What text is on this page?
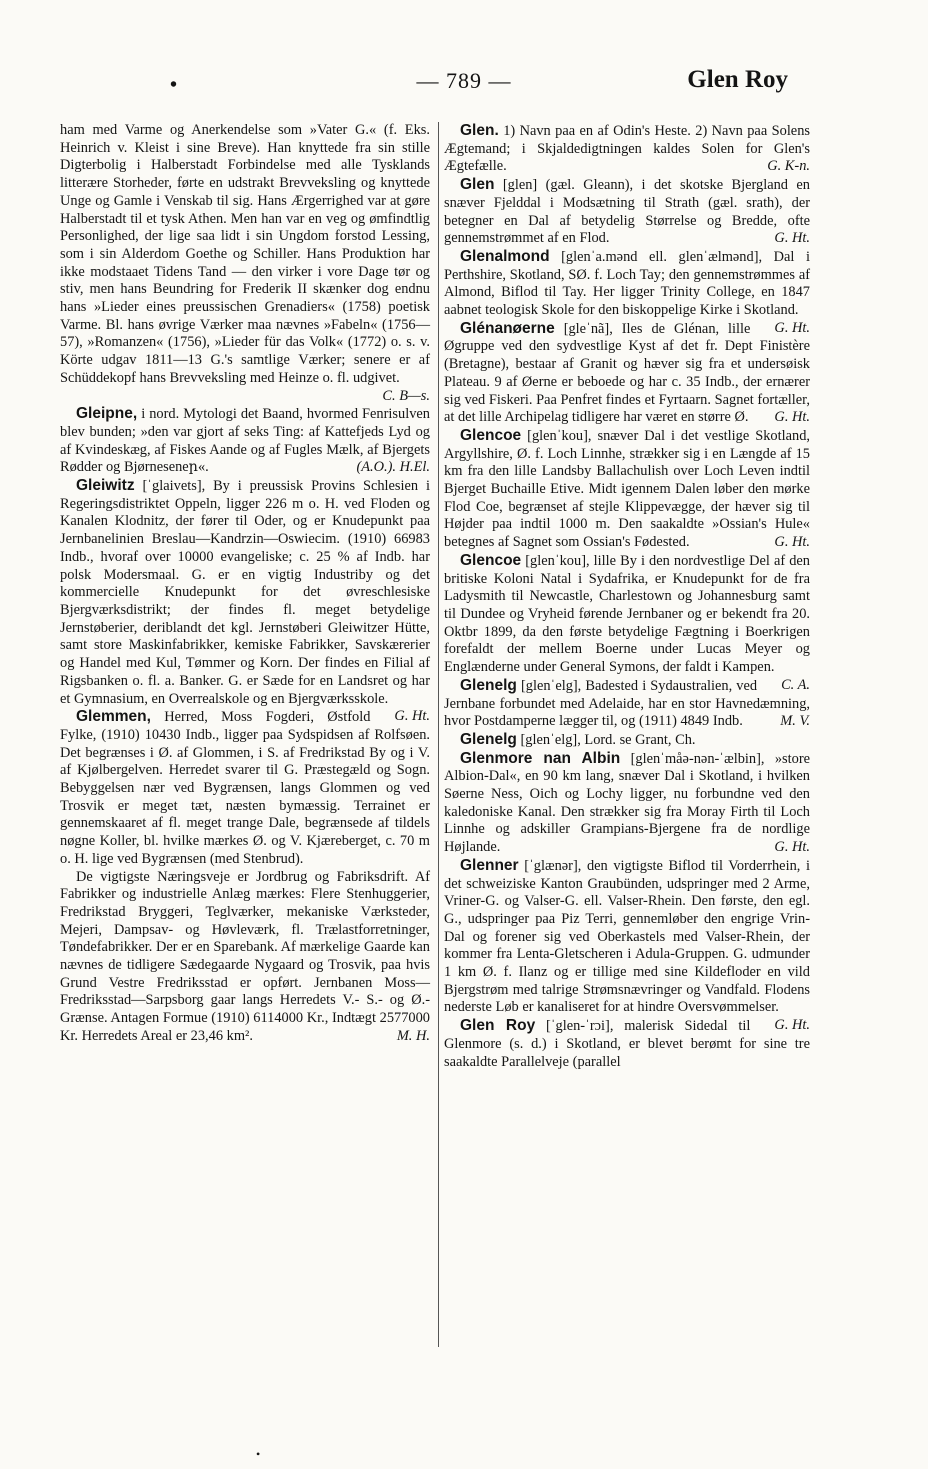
•	— 789 —	Glen Roy

ham med Varme og Anerkendelse som »Vater G.« (f. Eks. Heinrich v. Kleist i sine Breve). Han knyttede fra sin stille Digterbolig i Halberstadt Forbindelse med alle Tysklands litterære Storheder, førte en udstrakt Brevveksling og knyttede Unge og Gamle i Venskab til sig. Hans Ærgerrighed var at gøre Halberstadt til et tysk Athen. Men han var en veg og ømfindtlig Personlighed, der lige saa lidt i sin Ungdom forstod Lessing, som i sin Alderdom Goethe og Schiller. Hans Produktion har ikke modstaaet Tidens Tand — den virker i vore Dage tør og stiv, men hans Beundring for Frederik II skænker dog endnu hans »Lieder eines preussischen Grenadiers« (1758) poetisk Varme. Bl. hans øvrige Værker maa nævnes »Fabeln« (1756—57), »Romanzen« (1756), »Lieder für das Volk« (1772) o. s. v. Körte udgav 1811—13 G.'s samtlige Værker; senere er af Schüddekopf hans Brevveksling med Heinze o. fl. udgivet.

C. B—s.

Gleipne, i nord. Mytologi det Baand, hvormed Fenrisulven blev bunden; »den var gjort af seks Ting: af Kattefjeds Lyd og af Kvindeskæg, af Fiskes Aande og af Fugles Mælk, af Bjergets Rødder og Bjørneseneր«.	(A.O.). H.El.

Gleiwitz [ˈglaivets], By i preussisk Provins Schlesien i Regeringsdistriktet Oppeln, ligger 226 m o. H. ved Floden og Kanalen Klodnitz, der fører til Oder, og er Knudepunkt paa Jernbanelinien Breslau—Kandrzin—Oswiecim. (1910) 66983 Indb., hvoraf over 10000 evangeliske; c. 25 % af Indb. har polsk Modersmaal. G. er en vigtig Industriby og det kommercielle Knudepunkt for det øvreschlesiske Bjergværksdistrikt; der findes fl. meget betydelige Jernstøberier, deriblandt det kgl. Jernstøberi Gleiwitzer Hütte, samt store Maskinfabrikker, kemiske Fabrikker, Savskærerier og Handel med Kul, Tømmer og Korn. Der findes en Filial af Rigsbanken o. fl. a. Banker. G. er Sæde for en Landsret og har et Gymnasium, en Overrealskole og en Bjergværksskole.
G. Ht.

Glemmen, Herred, Moss Fogderi, Østfold Fylke, (1910) 10430 Indb., ligger paa Sydspidsen af Rolfsøen. Det begrænses i Ø. af Glommen, i S. af Fredrikstad By og i V. af Kjølbergelven. Herredet svarer til G. Præstegæld og Sogn. Bebyggelsen nær ved Bygrænsen, langs Glommen og ved Trosvik er meget tæt, næsten bymæssig. Terrainet er gennemskaaret af fl. meget trange Dale, begrænsede af tildels nøgne Koller, bl. hvilke mærkes Ø. og V. Kjæreberget, c. 70 m o. H. lige ved Bygrænsen (med Stenbrud).

De vigtigste Næringsveje er Jordbrug og Fabriksdrift. Af Fabrikker og industrielle Anlæg mærkes: Flere Stenhuggerier, Fredrikstad Bryggeri, Teglværker, mekaniske Værksteder, Mejeri, Dampsav- og Høvleværk, fl. Trælastforretninger, Tøndefabrikker. Der er en Sparebank. Af mærkelige Gaarde kan nævnes de tidligere Sædegaarde Nygaard og Trosvik, paa hvis Grund Vestre Fredriksstad er opført. Jernbanen Moss—Fredriksstad—Sarpsborg gaar langs Herredets V.- S.- og Ø.-Grænse. Antagen Formue (1910) 6114000 Kr., Indtægt 2577000 Kr. Herredets Areal er 23,46 km².	M. H.

Glen. 1) Navn paa en af Odin's Heste. 2) Navn paa Solens Ægtemand; i Skjaldedigtningen kaldes Solen for Glen's Ægtefælle.	G. K-n.

Glen [glen] (gæl. Gleann), i det skotske Bjergland en snæver Fjelddal i Modsætning til Strath (gæl. srath), der betegner en Dal af betydelig Størrelse og Bredde, ofte gennemstrømmet af en Flod.	G. Ht.

Glenalmond [glenˈa.mənd ell. glenˈælmənd], Dal i Perthshire, Skotland, SØ. f. Loch Tay; den gennemstrømmes af Almond, Biflod til Tay. Her ligger Trinity College, en 1847 aabnet teologisk Skole for den biskoppelige Kirke i Skotland.
G. Ht.

Glénanøerne [gleˈnã], Iles de Glénan, lille Øgruppe ved den sydvestlige Kyst af det fr. Dept Finistère (Bretagne), bestaar af Granit og hæver sig fra et undersøisk Plateau. 9 af Øerne er beboede og har c. 35 Indb., der ernærer sig ved Fiskeri. Paa Penfret findes et Fyrtaarn. Sagnet fortæller, at det lille Archipelag tidligere har været en større Ø.	G. Ht.

Glencoe [glenˈkou], snæver Dal i det vestlige Skotland, Argyllshire, Ø. f. Loch Linnhe, strækker sig i en Længde af 15 km fra den lille Landsby Ballachulish over Loch Leven indtil Bjerget Buchaille Etive. Midt igennem Dalen løber den mørke Flod Coe, begrænset af stejle Klippevægge, der hæver sig til Højder paa indtil 1000 m. Den saakaldte »Ossian's Hule« betegnes af Sagnet som Ossian's Fødested.	G. Ht.

Glencoe [glenˈkou], lille By i den nordvestlige Del af den britiske Koloni Natal i Sydafrika, er Knudepunkt for de fra Ladysmith til Newcastle, Charlestown og Johannesburg samt til Dundee og Vryheid førende Jernbaner og er bekendt fra 20. Oktbr 1899, da den første betydelige Fægtning i Boerkrigen forefaldt der mellem Boerne under Lucas Meyer og Englænderne under General Symons, der faldt i Kampen.
C. A.

Glenelg [glenˈelg], Badested i Sydaustralien, ved Jernbane forbundet med Adelaide, har en stor Havnedæmning, hvor Postdamperne lægger til, og (1911) 4849 Indb.	M. V.

Glenelg [glenˈelg], Lord. se Grant, Ch.

Glenmore nan Albin [glenˈmåə-nən-ˈælbin], »store Albion-Dal«, en 90 km lang, snæver Dal i Skotland, i hvilken Søerne Ness, Oich og Lochy ligger, nu forbundne ved den kaledoniske Kanal. Den strækker sig fra Moray Firth til Loch Linnhe og adskiller Grampians-Bjergene fra de nordlige Højlande.	G. Ht.

Glenner [ˈglænər], den vigtigste Biflod til Vorderrhein, i det schweiziske Kanton Graubünden, udspringer med 2 Arme, Vriner-G. og Valser-G. ell. Valser-Rhein. Den første, den egl. G., udspringer paa Piz Terri, gennemløber den engrige Vrin-Dal og forener sig ved Oberkastels med Valser-Rhein, der kommer fra Lenta-Gletscheren i Adula-Gruppen. G. udmunder 1 km Ø. f. Ilanz og er tillige med sine Kildefloder en vild Bjergstrøm med talrige Strømsnævringer og Vandfald. Flodens nederste Løb er kanaliseret for at hindre Oversvømmelser.
G. Ht.

Glen Roy [ˈglen-ˈrɔi], malerisk Sidedal til Glenmore (s. d.) i Skotland, er blevet berømt for sine tre saakaldte Parallelveje (parallel

•
